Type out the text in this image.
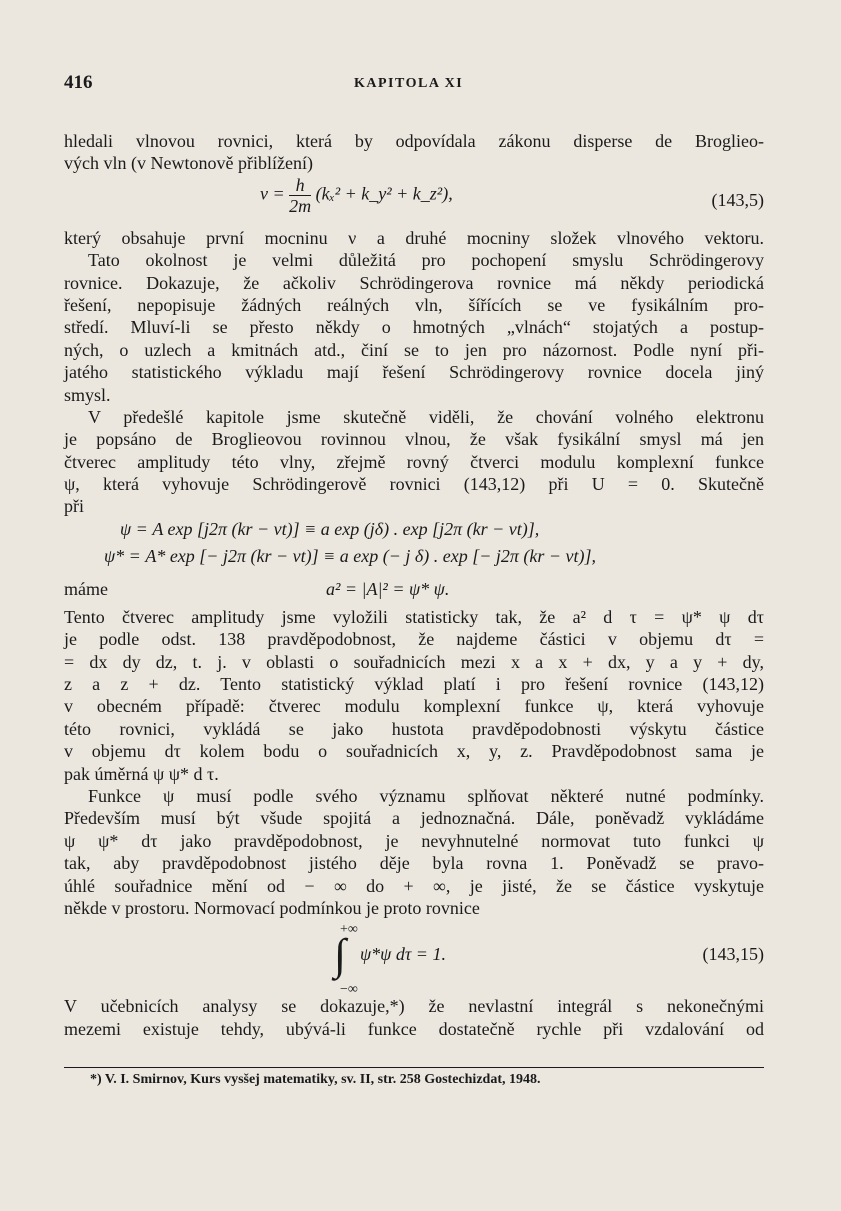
416	KAPITOLA XI
hledali vlnovou rovnici, která by odpovídala zákonu disperse de Broglieo-
vých vln (v Newtonově přiblížení)
$\nu = \frac{h}{2m} (k_x^2$ + k_y² + k_z²),	(143,5)
který obsahuje první mocninu ν a druhé mocniny složek vlnového vektoru.
Tato okolnost je velmi důležitá pro pochopení smyslu Schrödingerovy
rovnice. Dokazuje, že ačkoliv Schrödingerova rovnice má někdy periodická
řešení, nepopisuje žádných reálných vln, šířících se ve fysikálním pro-
středí. Mluví-li se přesto někdy o hmotných „vlnách“ stojatých a postup-
ných, o uzlech a kmitnách atd., činí se to jen pro názornost. Podle nyní při-
jatého statistického výkladu mají řešení Schrödingerovy rovnice docela jiný
smysl.
V předešlé kapitole jsme skutečně viděli, že chování volného elektronu
je popsáno de Broglieovou rovinnou vlnou, že však fysikální smysl má jen
čtverec amplitudy této vlny, zřejmě rovný čtverci modulu komplexní funkce
ψ, která vyhovuje Schrödingerově rovnici (143,12) při U = 0. Skutečně
při
ψ = A exp [j2π (kr − νt)] ≡ a exp (jδ) . exp [j2π (kr − νt)],
ψ* = A* exp [− j2π (kr − νt)] ≡ a exp (− j δ) . exp [− j2π (kr − νt)],
máme	a² = |A|² = ψ* ψ.
Tento čtverec amplitudy jsme vyložili statisticky tak, že a² d τ = ψ* ψ dτ
je podle odst. 138 pravděpodobnost, že najdeme částici v objemu dτ =
= dx dy dz, t. j. v oblasti o souřadnicích mezi x a x + dx, y a y + dy,
z a z + dz. Tento statistický výklad platí i pro řešení rovnice (143,12)
v obecném případě: čtverec modulu komplexní funkce ψ, která vyhovuje
této rovnici, vykládá se jako hustota pravděpodobnosti výskytu částice
v objemu dτ kolem bodu o souřadnicích x, y, z. Pravděpodobnost sama je
pak úměrná ψ ψ* d τ.
Funkce ψ musí podle svého významu splňovat některé nutné podmínky.
Především musí být všude spojitá a jednoznačná. Dále, poněvadž vykládáme
ψ ψ* dτ jako pravděpodobnost, je nevyhnutelné normovat tuto funkci ψ
tak, aby pravděpodobnost jistého děje byla rovna 1. Poněvadž se pravo-
úhlé souřadnice mění od − ∞ do + ∞, je jisté, že se částice vyskytuje
někde v prostoru. Normovací podmínkou je proto rovnice
+∞
∫
−∞
ψ*ψ dτ = 1.	(143,15)
V učebnicích analysy se dokazuje,*) že nevlastní integrál s nekonečnými
mezemi existuje tehdy, ubývá-li funkce dostatečně rychle při vzdalování od
*) V. I. Smirnov, Kurs vysšej matematiky, sv. II, str. 258 Gostechizdat, 1948.
